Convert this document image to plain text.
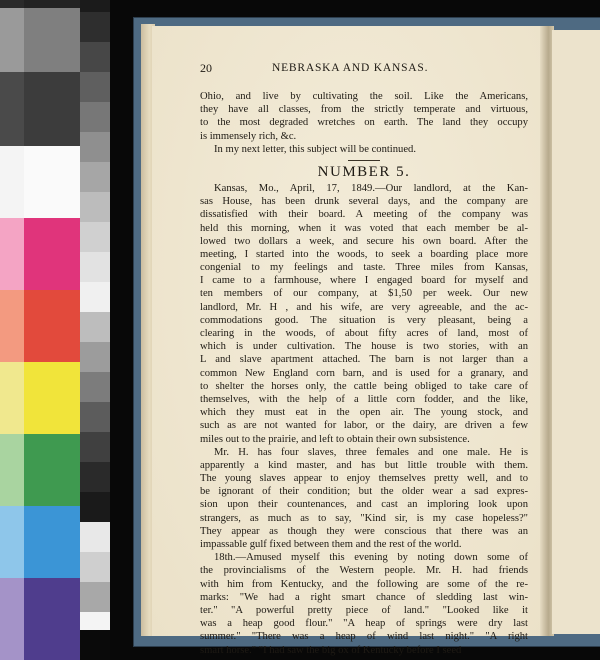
20	NEBRASKA AND KANSAS.
Ohio, and live by cultivating the soil. Like the Americans,
they have all classes, from the strictly temperate and virtuous,
to the most degraded wretches on earth. The land they occupy
is immensely rich, &c.
In my next letter, this subject will be continued.
NUMBER 5.
Kansas, Mo., April, 17, 1849.—Our landlord, at the Kan-
sas House, has been drunk several days, and the company are
dissatisfied with their board. A meeting of the company was
held this morning, when it was voted that each member be al-
lowed two dollars a week, and secure his own board. After the
meeting, I started into the woods, to seek a boarding place more
congenial to my feelings and taste. Three miles from Kansas,
I came to a farmhouse, where I engaged board for myself and
ten members of our company, at $1,50 per week. Our new
landlord, Mr. H , and his wife, are very agreeable, and the ac-
commodations good. The situation is very pleasant, being a
clearing in the woods, of about fifty acres of land, most of
which is under cultivation. The house is two stories, with an
L and slave apartment attached. The barn is not larger than a
common New England corn barn, and is used for a granary, and
to shelter the horses only, the cattle being obliged to take care of
themselves, with the help of a little corn fodder, and the like,
which they must eat in the open air. The young stock, and
such as are not wanted for labor, or the dairy, are driven a few
miles out to the prairie, and left to obtain their own subsistence.
Mr. H. has four slaves, three females and one male. He is
apparently a kind master, and has but little trouble with them.
The young slaves appear to enjoy themselves pretty well, and to
be ignorant of their condition; but the older wear a sad expres-
sion upon their countenances, and cast an imploring look upon
strangers, as much as to say, "Kind sir, is my case hopeless?"
They appear as though they were conscious that there was an
impassable gulf fixed between them and the rest of the world.
18th.—Amused myself this evening by noting down some of
the provincialisms of the Western people. Mr. H. had friends
with him from Kentucky, and the following are some of the re-
marks: "We had a right smart chance of sledding last win-
ter." "A powerful pretty piece of land." "Looked like it
was a heap good flour." "A heap of springs were dry last
summer." "There was a heap of wind last night." "A right
smart horse." "I had saw the big ox of Kentucky before I seed
